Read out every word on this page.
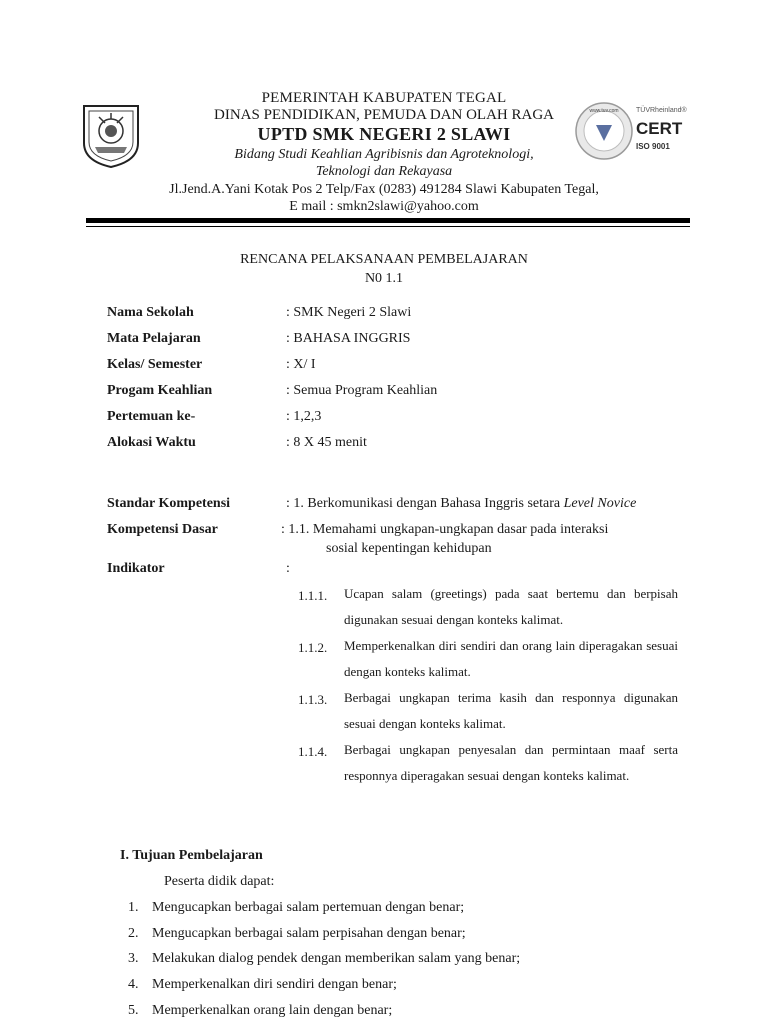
www.tuv.com TÜVRheinland®
CERT
ISO 9001
PEMERINTAH KABUPATEN TEGAL
DINAS PENDIDIKAN, PEMUDA DAN OLAH RAGA
UPTD SMK NEGERI 2 SLAWI
Bidang Studi Keahlian Agribisnis dan Agroteknologi,
Teknologi dan Rekayasa
Jl.Jend.A.Yani Kotak Pos 2 Telp/Fax (0283) 491284 Slawi Kabupaten Tegal,
E mail : smkn2slawi@yahoo.com
RENCANA PELAKSANAAN PEMBELAJARAN
N0 1.1
Nama Sekolah	: SMK Negeri 2 Slawi
Mata Pelajaran	: BAHASA INGGRIS
Kelas/ Semester	: X/ I
Progam Keahlian	: Semua Program Keahlian
Pertemuan ke-	: 1,2,3
Alokasi Waktu	: 8 X 45 menit
Standar Kompetensi	: 1. Berkomunikasi dengan Bahasa Inggris setara Level Novice
Kompetensi Dasar	: 1.1. Memahami ungkapan-ungkapan dasar pada interaksi
sosial kepentingan kehidupan
Indikator	:
1.1.1. Ucapan salam (greetings) pada saat bertemu dan berpisah digunakan sesuai dengan konteks kalimat.
1.1.2. Memperkenalkan diri sendiri dan orang lain diperagakan sesuai dengan konteks kalimat.
1.1.3. Berbagai ungkapan terima kasih dan responnya digunakan sesuai dengan konteks kalimat.
1.1.4. Berbagai ungkapan penyesalan dan permintaan maaf serta responnya diperagakan sesuai dengan konteks kalimat.
I. Tujuan Pembelajaran
Peserta didik dapat:
1. Mengucapkan berbagai salam pertemuan dengan benar;
2. Mengucapkan berbagai salam perpisahan dengan benar;
3. Melakukan dialog pendek dengan memberikan salam yang benar;
4. Memperkenalkan diri sendiri dengan benar;
5. Memperkenalkan orang lain dengan benar;
